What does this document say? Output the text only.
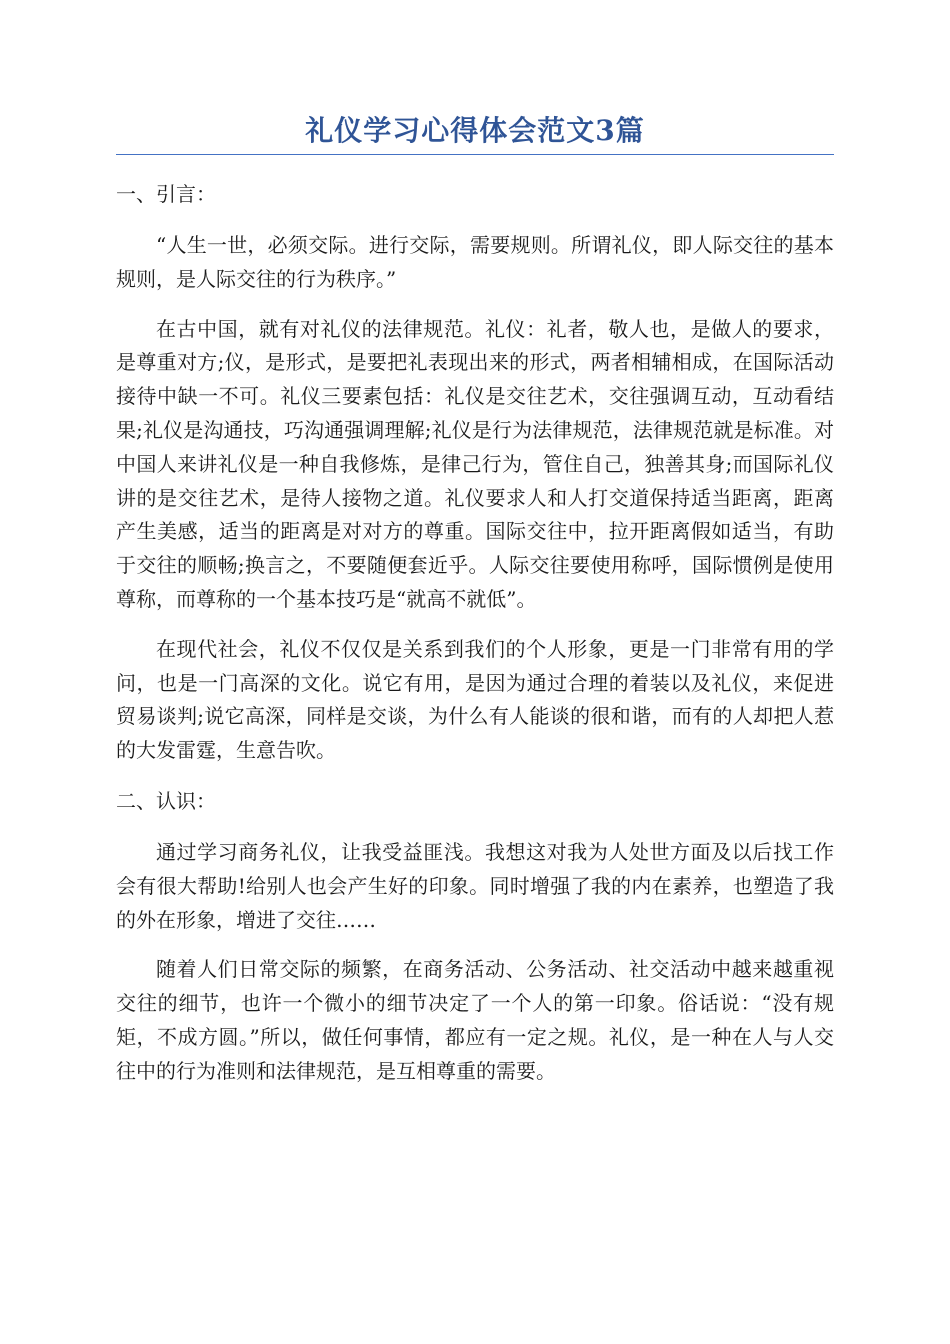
礼仪学习心得体会范文3篇

一、引言：

“人生一世，必须交际。进行交际，需要规则。所谓礼仪，即人际交往的基本规则，是人际交往的行为秩序。”

在古中国，就有对礼仪的法律规范。礼仪：礼者，敬人也，是做人的要求，是尊重对方;仪，是形式，是要把礼表现出来的形式，两者相辅相成，在国际活动接待中缺一不可。礼仪三要素包括：礼仪是交往艺术，交往强调互动，互动看结果;礼仪是沟通技，巧沟通强调理解;礼仪是行为法律规范，法律规范就是标准。对中国人来讲礼仪是一种自我修炼，是律己行为，管住自己，独善其身;而国际礼仪讲的是交往艺术，是待人接物之道。礼仪要求人和人打交道保持适当距离，距离产生美感，适当的距离是对对方的尊重。国际交往中，拉开距离假如适当，有助于交往的顺畅;换言之，不要随便套近乎。人际交往要使用称呼，国际惯例是使用尊称，而尊称的一个基本技巧是“就高不就低”。

在现代社会，礼仪不仅仅是关系到我们的个人形象，更是一门非常有用的学问，也是一门高深的文化。说它有用，是因为通过合理的着装以及礼仪，来促进贸易谈判;说它高深，同样是交谈，为什么有人能谈的很和谐，而有的人却把人惹的大发雷霆，生意告吹。

二、认识：

通过学习商务礼仪，让我受益匪浅。我想这对我为人处世方面及以后找工作会有很大帮助!给别人也会产生好的印象。同时增强了我的内在素养，也塑造了我的外在形象，增进了交往……

随着人们日常交际的频繁，在商务活动、公务活动、社交活动中越来越重视交往的细节，也许一个微小的细节决定了一个人的第一印象。俗话说：“没有规矩，不成方圆。”所以，做任何事情，都应有一定之规。礼仪，是一种在人与人交往中的行为准则和法律规范，是互相尊重的需要。
